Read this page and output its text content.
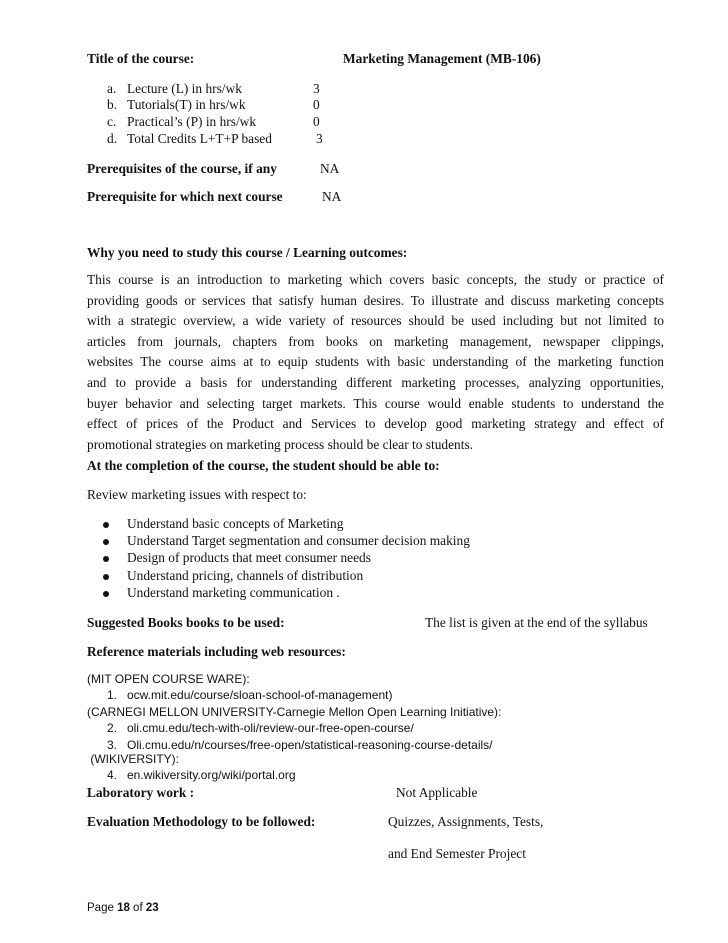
Title of the course:	Marketing Management (MB-106)
a. Lecture (L) in hrs/wk	3
b. Tutorials(T) in hrs/wk	0
c. Practical’s (P) in hrs/wk	0
d. Total Credits L+T+P based	3
Prerequisites of the course, if any	NA
Prerequisite for which next course	NA
Why you need to study this course / Learning outcomes:
This course is an introduction to marketing which covers basic concepts, the study or practice of
providing goods or services that satisfy human desires. To illustrate and discuss marketing concepts
with a strategic overview, a wide variety of resources should be used including but not limited to
articles from journals, chapters from books on marketing management, newspaper clippings,
websites The course aims at to equip students with basic understanding of the marketing function
and to provide a basis for understanding different marketing processes, analyzing opportunities,
buyer behavior and selecting target markets. This course would enable students to understand the
effect of prices of the Product and Services to develop good marketing strategy and effect of
promotional strategies on marketing process should be clear to students.
At the completion of the course, the student should be able to:
Review marketing issues with respect to:
Understand basic concepts of Marketing
Understand Target segmentation and consumer decision making
Design of products that meet consumer needs
Understand pricing, channels of distribution
Understand marketing communication .
Suggested Books books to be used:	The list is given at the end of the syllabus
Reference materials including web resources:
(MIT OPEN COURSE WARE):
1. ocw.mit.edu/course/sloan-school-of-management)
(CARNEGI MELLON UNIVERSITY-Carnegie Mellon Open Learning Initiative):
2. oli.cmu.edu/tech-with-oli/review-our-free-open-course/
3. Oli.cmu.edu/n/courses/free-open/statistical-reasoning-course-details/
(WIKIVERSITY):
4. en.wikiversity.org/wiki/portal.org
Laboratory work :	Not Applicable
Evaluation Methodology to be followed:	Quizzes, Assignments, Tests,
and End Semester Project
Page 18 of 23
